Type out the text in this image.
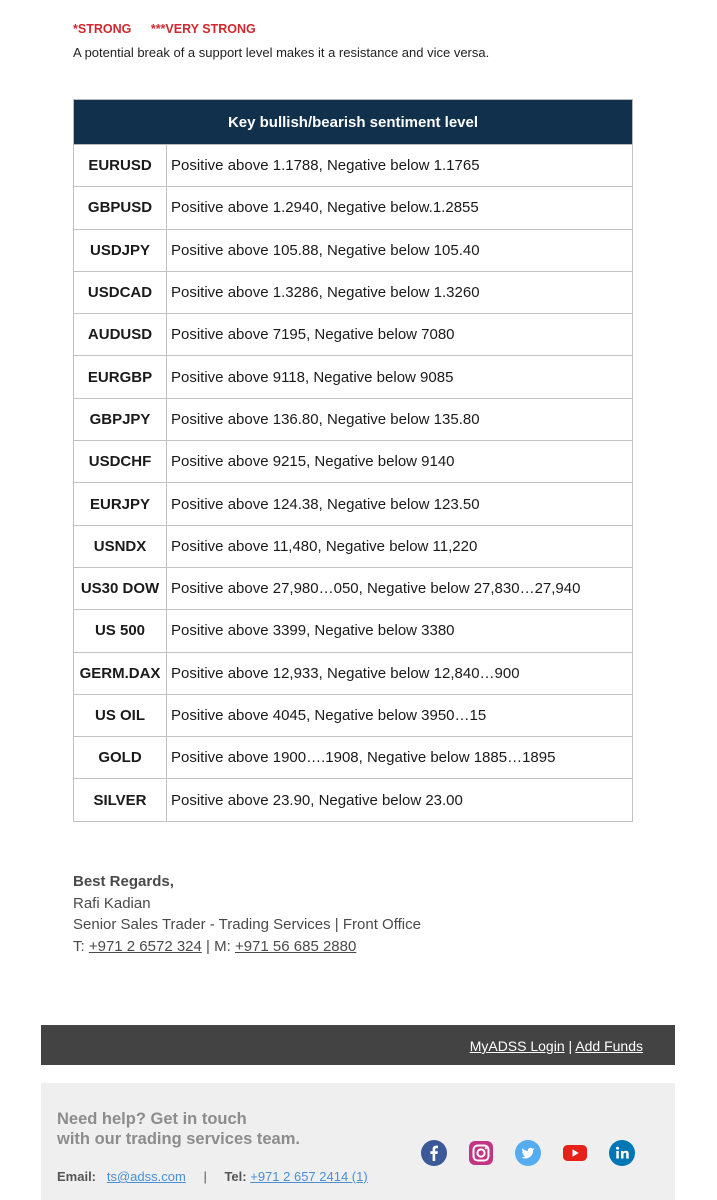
*STRONG ***VERY STRONG
A potential break of a support level makes it a resistance and vice versa.
Key bullish/bearish sentiment level	
EURUSD	Positive above 1.1788, Negative below 1.1765
GBPUSD	Positive above 1.2940, Negative below.1.2855
USDJPY	Positive above 105.88, Negative below 105.40
USDCAD	Positive above 1.3286, Negative below 1.3260
AUDUSD	Positive above 7195, Negative below 7080
EURGBP	Positive above 9118, Negative below 9085
GBPJPY	Positive above 136.80, Negative below 135.80
USDCHF	Positive above 9215, Negative below 9140
EURJPY	Positive above 124.38, Negative below 123.50
USNDX	Positive above 11,480, Negative below 11,220
US30 DOW	Positive above 27,980…050, Negative below 27,830…27,940
US 500	Positive above 3399, Negative below 3380
GERM.DAX	Positive above 12,933, Negative below 12,840…900
US OIL	Positive above 4045, Negative below 3950…15
GOLD	Positive above 1900….1908, Negative below 1885…1895
SILVER	Positive above 23.90, Negative below 23.00
Best Regards,
Rafi Kadian
Senior Sales Trader - Trading Services | Front Office
T: +971 2 6572 324 | M: +971 56 685 2880
MyADSS Login | Add Funds
Need help? Get in touch
with our trading services team.
Email: ts@adss.com | Tel: +971 2 657 2414 (1)
